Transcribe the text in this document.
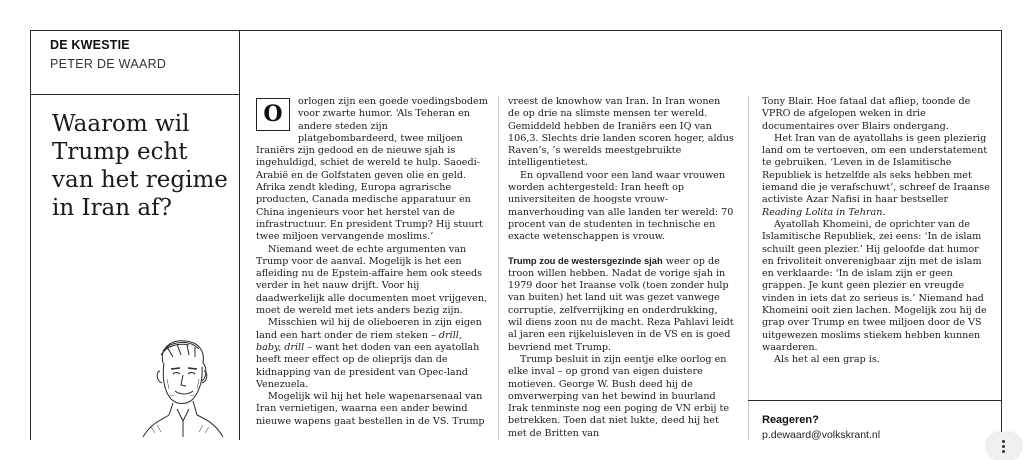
DE KWESTIE
PETER DE WAARD
Waarom wil Trump echt van het regime in Iran af?
O	orlogen zijn een goede voedingsbodem voor zwarte humor. ‘Als Teheran en andere steden zijn platgebombardeerd, twee miljoen Iraniërs zijn gedood en de nieuwe sjah is ingehuldigd, schiet de wereld te hulp. Saoedi-Arabië en de Golfstaten geven olie en geld. Afrika zendt kleding, Europa agrarische producten, Canada medische apparatuur en China ingenieurs voor het herstel van de infrastructuur. En president Trump? Hij stuurt twee miljoen vervangende moslims.’

Niemand weet de echte argumenten van Trump voor de aanval. Mogelijk is het een afleiding nu de Epstein-affaire hem ook steeds verder in het nauw drijft. Voor hij daadwerkelijk alle documenten moet vrijgeven, moet de wereld met iets anders bezig zijn.

Misschien wil hij de olieboeren in zijn eigen land een hart onder de riem steken – drill, baby, drill – want het doden van een ayatollah heeft meer effect op de olieprijs dan de kidnapping van de president van Opec-land Venezuela.

Mogelijk wil hij het hele wapenarsenaal van Iran vernietigen, waarna een ander bewind nieuwe wapens gaat bestellen in de VS. Trump

vreest de knowhow van Iran. In Iran wonen de op drie na slimste mensen ter wereld. Gemiddeld hebben de Iraniërs een IQ van 106,3. Slechts drie landen scoren hoger, aldus Raven’s, ’s werelds meestgebruikte intelligentietest.

En opvallend voor een land waar vrouwen worden achtergesteld: Iran heeft op universiteiten de hoogste vrouw-manverhouding van alle landen ter wereld: 70 procent van de studenten in technische en exacte wetenschappen is vrouw.

Trump zou de westersgezinde sjah weer op de troon willen hebben. Nadat de vorige sjah in 1979 door het Iraanse volk (toen zonder hulp van buiten) het land uit was gezet vanwege corruptie, zelfverrijking en onderdrukking, wil diens zoon nu de macht. Reza Pahlavi leidt al jaren een rijkeluisleven in de VS en is goed bevriend met Trump.

Trump besluit in zijn eentje elke oorlog en elke inval – op grond van eigen duistere motieven. George W. Bush deed hij de omverwerping van het bewind in buurland Irak tenminste nog een poging de VN erbij te betrekken. Toen dat niet lukte, deed hij het met de Britten van

Tony Blair. Hoe fataal dat afliep, toonde de VPRO de afgelopen weken in drie documentaires over Blairs ondergang.

Het Iran van de ayatollahs is geen plezierig land om te vertoeven, om een understatement te gebruiken. ‘Leven in de Islamitische Republiek is hetzelfde als seks hebben met iemand die je verafschuwt’, schreef de Iraanse activiste Azar Nafisi in haar bestseller Reading Lolita in Tehran.

Ayatollah Khomeini, de oprichter van de Islamitische Republiek, zei eens: ‘In de islam schuilt geen plezier.’ Hij geloofde dat humor en frivoliteit onverenigbaar zijn met de islam en verklaarde: ‘In de islam zijn er geen grappen. Je kunt geen plezier en vreugde vinden in iets dat zo serieus is.’ Niemand had Khomeini ooit zien lachen. Mogelijk zou hij de grap over Trump en twee miljoen door de VS uitgewezen moslims stiekem hebben kunnen waarderen.

Als het al een grap is.

Reageren?
p.dewaard@volkskrant.nl
